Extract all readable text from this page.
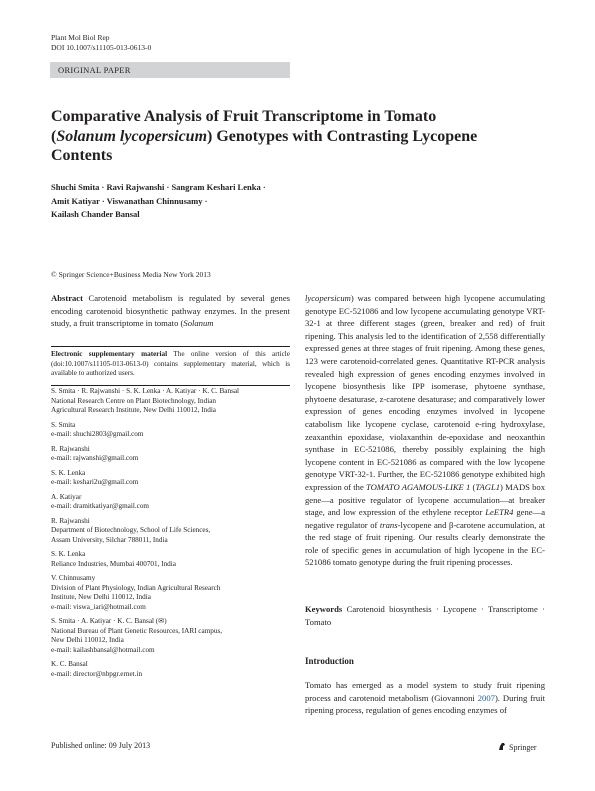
Plant Mol Biol Rep
DOI 10.1007/s11105-013-0613-0
ORIGINAL PAPER
Comparative Analysis of Fruit Transcriptome in Tomato
(Solanum lycopersicum) Genotypes with Contrasting Lycopene
Contents
Shuchi Smita · Ravi Rajwanshi · Sangram Keshari Lenka ·
Amit Katiyar · Viswanathan Chinnusamy ·
Kailash Chander Bansal
© Springer Science+Business Media New York 2013
Abstract Carotenoid metabolism is regulated by several genes encoding carotenoid biosynthetic pathway enzymes. In the present study, a fruit transcriptome in tomato (Solanum
Electronic supplementary material The online version of this article (doi:10.1007/s11105-013-0613-0) contains supplementary material, which is available to authorized users.

S. Smita · R. Rajwanshi · S. K. Lenka · A. Katiyar · K. C. Bansal
National Research Centre on Plant Biotechnology, Indian
Agricultural Research Institute, New Delhi 110012, India

S. Smita
e-mail: shuchi2803@gmail.com

R. Rajwanshi
e-mail: rajwanshi@gmail.com

S. K. Lenka
e-mail: keshari2u@gmail.com

A. Katiyar
e-mail: dramitkatiyar@gmail.com

R. Rajwanshi
Department of Biotechnology, School of Life Sciences,
Assam University, Silchar 788011, India

S. K. Lenka
Reliance Industries, Mumbai 400701, India

V. Chinnusamy
Division of Plant Physiology, Indian Agricultural Research
Institute, New Delhi 110012, India
e-mail: viswa_iari@hotmail.com

S. Smita · A. Katiyar · K. C. Bansal (✉)
National Bureau of Plant Genetic Resources, IARI campus,
New Delhi 110012, India
e-mail: kailashbansal@hotmail.com

K. C. Bansal
e-mail: director@nbpgr.ernet.in

lycopersicum) was compared between high lycopene accumulating genotype EC-521086 and low lycopene accumulating genotype VRT-32-1 at three different stages (green, breaker and red) of fruit ripening. This analysis led to the identification of 2,558 differentially expressed genes at three stages of fruit ripening. Among these genes, 123 were carotenoid-correlated genes. Quantitative RT-PCR analysis revealed high expression of genes encoding enzymes involved in lycopene biosynthesis like IPP isomerase, phytoene synthase, phytoene desaturase, z-carotene desaturase; and comparatively lower expression of genes encoding enzymes involved in lycopene catabolism like lycopene cyclase, carotenoid e-ring hydroxylase, zeaxanthin epoxidase, violaxanthin de-epoxidase and neoxanthin synthase in EC-521086, thereby possibly explaining the high lycopene content in EC-521086 as compared with the low lycopene genotype VRT-32-1. Further, the EC-521086 genotype exhibited high expression of the TOMATO AGAMOUS-LIKE 1 (TAGL1) MADS box gene—a positive regulator of lycopene accumulation—at breaker stage, and low expression of the ethylene receptor LeETR4 gene—a negative regulator of trans-lycopene and β-carotene accumulation, at the red stage of fruit ripening. Our results clearly demonstrate the role of specific genes in accumulation of high lycopene in the EC-521086 tomato genotype during the fruit ripening processes.
Keywords Carotenoid biosynthesis · Lycopene · Transcriptome · Tomato
Introduction
Tomato has emerged as a model system to study fruit ripening process and carotenoid metabolism (Giovannoni 2007). During fruit ripening process, regulation of genes encoding enzymes of
Published online: 09 July 2013	Springer
